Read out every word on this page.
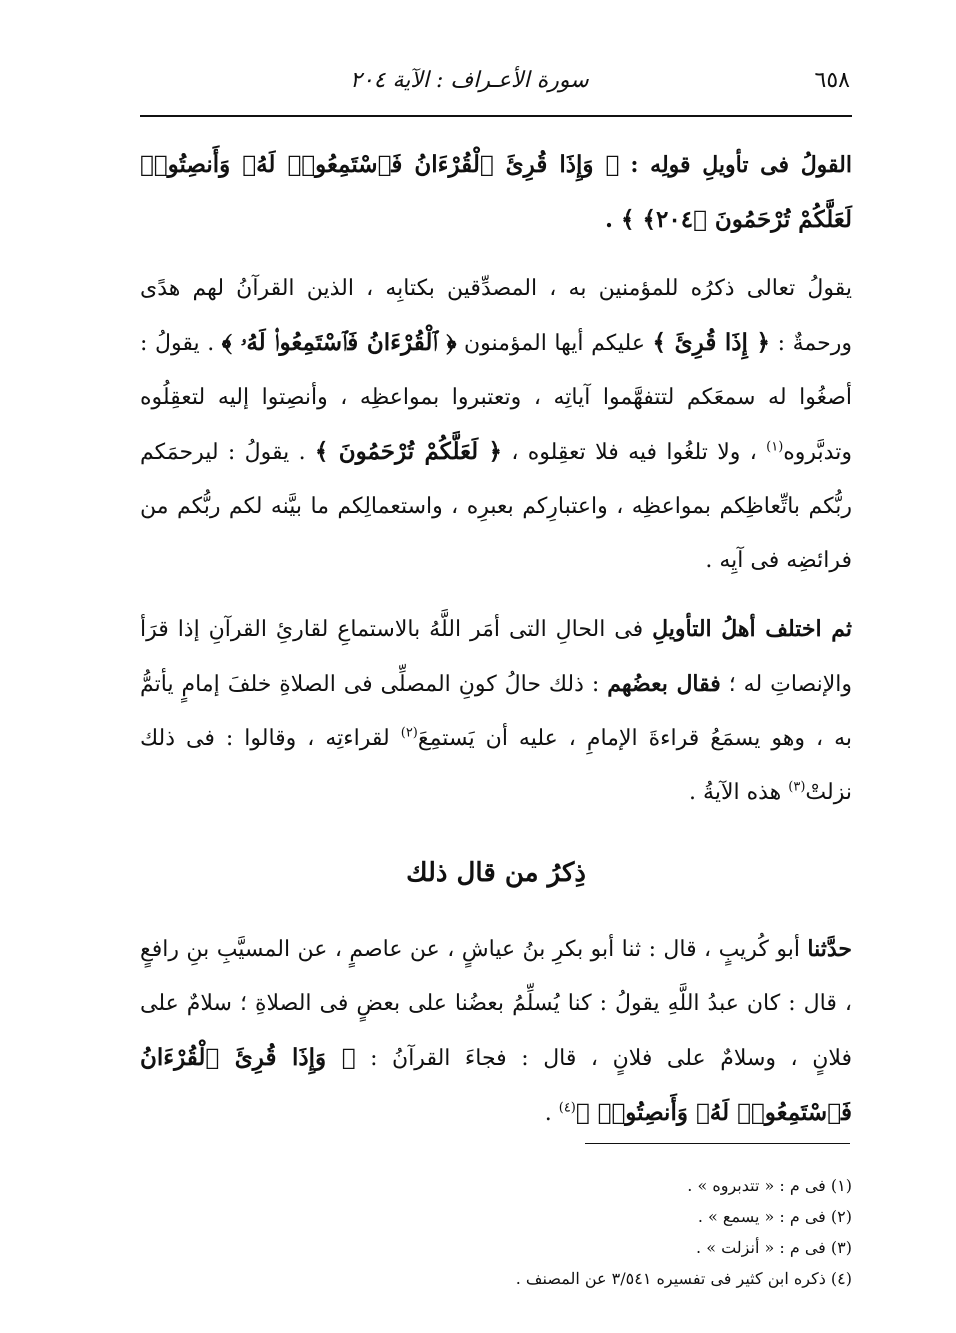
٦٥٨
سورة الأعـراف : الآية ٢٠٤

القولُ فى تأويلِ قولِه : ﴿ وَإِذَا قُرِئَ ٱلْقُرْءَانُ فَٱسْتَمِعُوا۟ لَهُۥ وَأَنصِتُوا۟ لَعَلَّكُمْ تُرْحَمُونَ ﴿٢٠٤﴾ ﴾ .

يقولُ تعالى ذكرُه للمؤمنين به ، المصدِّقين بكتابِه ، الذين القرآنُ لهم هدًى ورحمةٌ : ﴿ إِذَا قُرِئَ ﴾ عليكم أيها المؤمنون ﴿ ٱلْقُرْءَانُ فَٱسْتَمِعُوا۟ لَهُۥ ﴾ . يقولُ : أصغُوا له سمعَكم لتتفهَّموا آياتِه ، وتعتبروا بمواعظِه ، وأنصِتوا إليه لتعقِلُوه وتدبَّروه$^{(١)}$ ، ولا تلغُوا فيه فلا تعقِلوه ، ﴿ لَعَلَّكُمْ تُرْحَمُونَ ﴾ . يقولُ : ليرحمَكم ربُّكم باتِّعاظِكم بمواعظِه ، واعتبارِكم بعبرِه ، واستعمالِكم ما بيَّنه لكم ربُّكم من فرائضِه فى آيِه .

ثم اختلف أهلُ التأويلِ فى الحالِ التى أمَر اللَّهُ بالاستماعِ لقارئِ القرآنِ إذا قرَأ والإنصاتِ له ؛ فقال بعضُهم : ذلك حالُ كونِ المصلِّى فى الصلاةِ خلفَ إمامٍ يأتمُّ به ، وهو يسمَعُ قراءةَ الإمامِ ، عليه أن يَستمِعَ$^{(٢)}$ لقراءتِه ، وقالوا : فى ذلك نزلتْ$^{(٣)}$ هذه الآيةُ .

ذِكرُ من قال ذلك

حدَّثنا أبو كُريبٍ ، قال : ثنا أبو بكرِ بنُ عياشٍ ، عن عاصمٍ ، عن المسيَّبِ بنِ رافعٍ ، قال : كان عبدُ اللَّهِ يقولُ : كنا يُسلِّمُ بعضُنا على بعضٍ فى الصلاةِ ؛ سلامٌ على فلانٍ ، وسلامٌ على فلانٍ ، قال : فجاءَ القرآنُ : ﴿ وَإِذَا قُرِئَ ٱلْقُرْءَانُ فَٱسْتَمِعُوا۟ لَهُۥ وَأَنصِتُوا۟ ﴾$^{(٤)}$ .

(١) فى م : « تتدبروه » .
(٢) فى م : « يسمع » .
(٣) فى م : « أنزلت » .
(٤) ذكره ابن كثير فى تفسيره ٣/٥٤١ عن المصنف .
